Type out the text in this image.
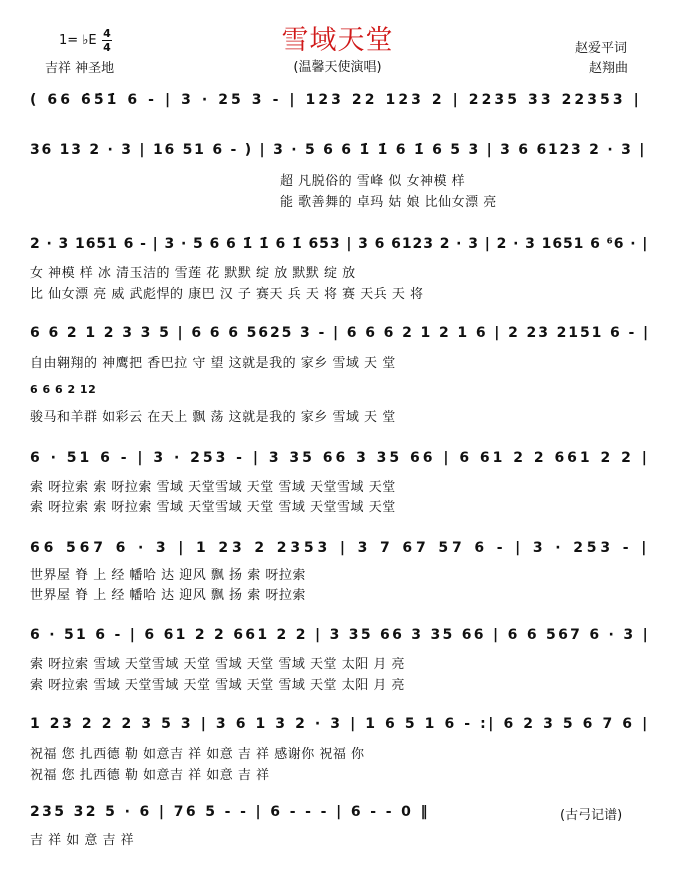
雪域天堂
(温馨天使演唱)
1= ♭E 4
4
吉祥 神圣地
赵爱平词
赵翔曲
( 66 6̇5̇1̇ 6 - | 3 · 25 3 - | 123 22 123 2 | 2235 33 22353 |
36 13 2 · 3 | 16 51 6 - ) | 3 · 5 6 6 1̇ 1̇ 6 1̇ 6 5 3 | 3 6 6123 2 · 3 |
超 凡脱俗的 雪峰 似 女神模 样
能 歌善舞的 卓玛 姑 娘 比仙女漂 亮
2 · 3 1651 6 - | 3 · 5 6 6 1̇ 1̇ 6 1̇ 653 | 3 6 6123 2 · 3 | 2 · 3 1651 6 ⁶6 · |
女 神模 样 冰 清玉洁的 雪莲 花 默默 绽 放 默默 绽 放
比 仙女漂 亮 威 武彪悍的 康巴 汉 子 赛天 兵 天 将 赛 天兵 天 将
6 6 2 1 2 3 3 5 | 6 6 6 5625 3 - | 6 6 6 2 1 2 1 6 | 2 23 2151 6 - |
自由翱翔的 神鹰把 香巴拉 守 望 这就是我的 家乡 雪域 天 堂
6 6 6 2 12
骏马和羊群 如彩云 在天上 飘 荡 这就是我的 家乡 雪域 天 堂
6 · 51 6 - | 3 · 253 - | 3 35 66 3 35 66 | 6 61 2 2 661 2 2 |
索 呀拉索 索 呀拉索 雪域 天堂雪域 天堂 雪域 天堂雪域 天堂
索 呀拉索 索 呀拉索 雪域 天堂雪域 天堂 雪域 天堂雪域 天堂
66 567 6 · 3 | 1 23 2 2353 | 3 7 67 57 6 - | 3 · 253 - |
世界屋 脊 上 经 幡哈 达 迎风 飘 扬 索 呀拉索
世界屋 脊 上 经 幡哈 达 迎风 飘 扬 索 呀拉索
6 · 51 6 - | 6 61 2 2 661 2 2 | 3 35 66 3 35 66 | 6 6 567 6 · 3 |
索 呀拉索 雪域 天堂雪域 天堂 雪域 天堂 雪域 天堂 太阳 月 亮
索 呀拉索 雪域 天堂雪域 天堂 雪域 天堂 雪域 天堂 太阳 月 亮
1 23 2 2 2 3 5 3 | 3 6 1 3 2 · 3 | 1 6 5 1 6 - :| 6 2 3 5 6 7 6 |
祝福 您 扎西德 勒 如意吉 祥 如意 吉 祥 感谢你 祝福 你
祝福 您 扎西德 勒 如意吉 祥 如意 吉 祥
235 32 5 · 6 | 76 5 - - | 6 - - - | 6 - - 0 ‖
吉 祥 如 意 吉 祥
(古弓记谱)
